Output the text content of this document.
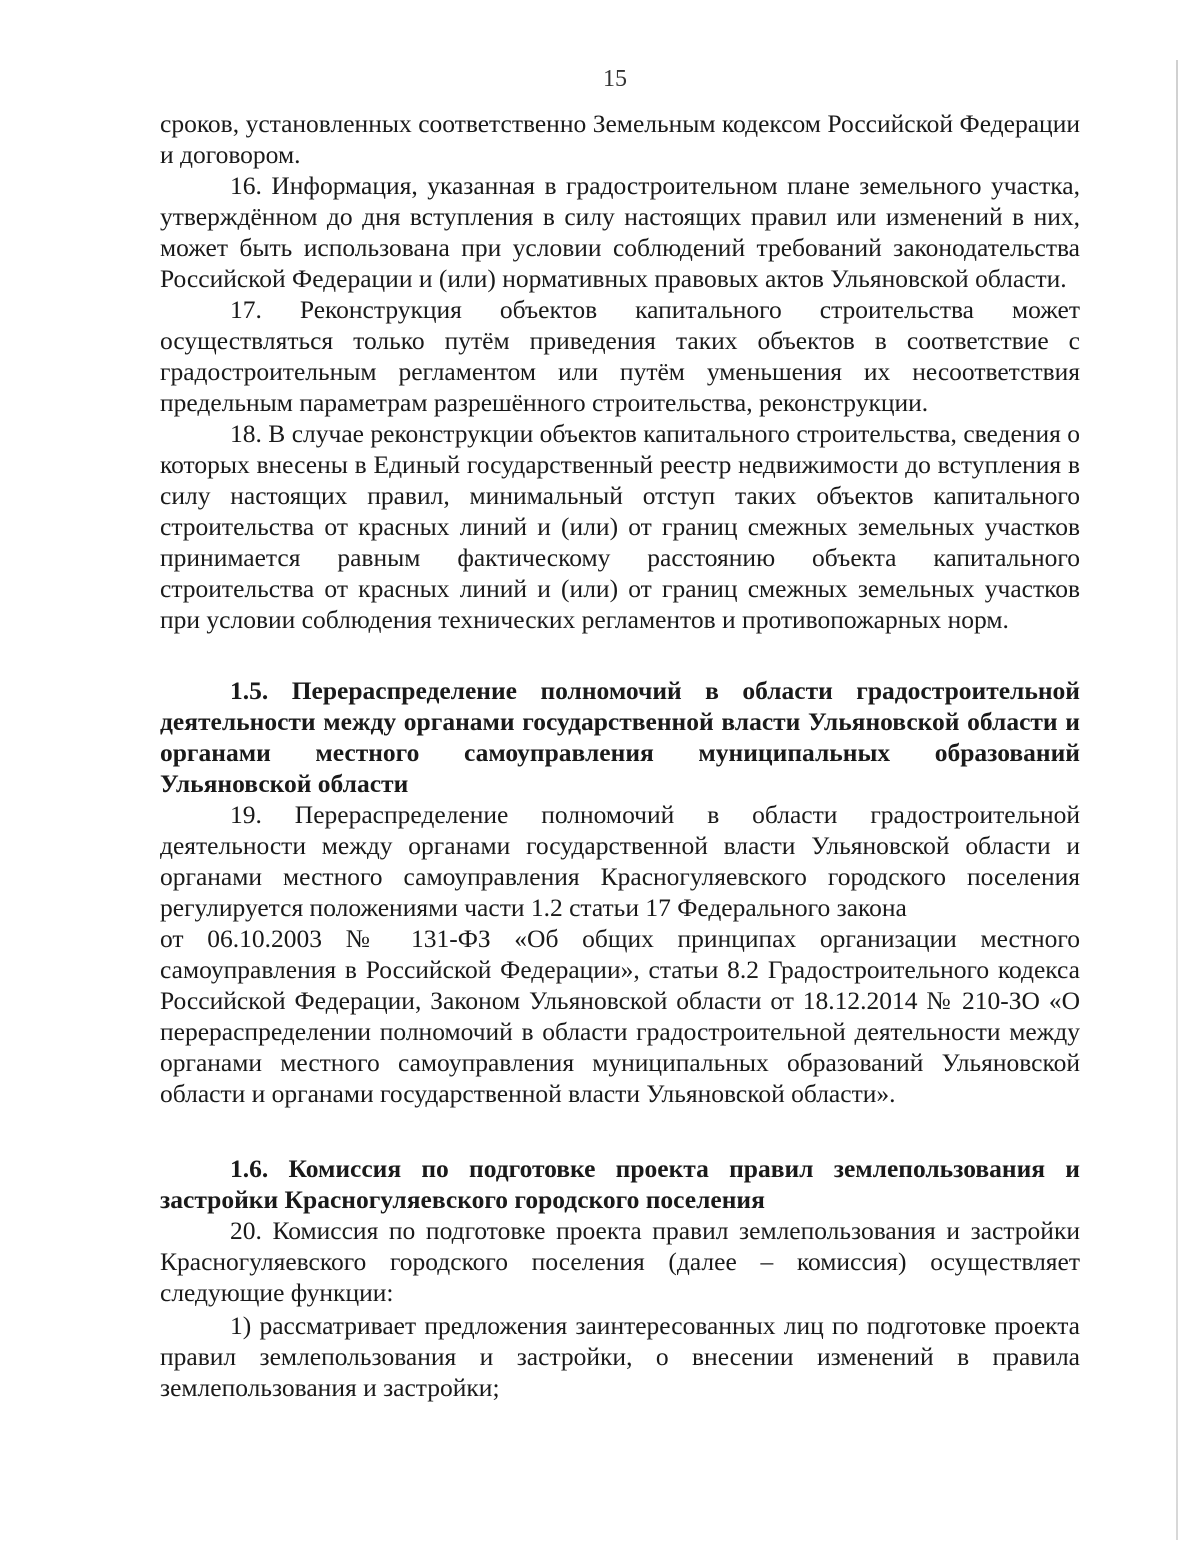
15

сроков, установленных соответственно Земельным кодексом Российской Федерации и договором.

16. Информация, указанная в градостроительном плане земельного участка, утверждённом до дня вступления в силу настоящих правил или изменений в них, может быть использована при условии соблюдений требований законодательства Российской Федерации и (или) нормативных правовых актов Ульяновской области.

17. Реконструкция объектов капитального строительства может осуществляться только путём приведения таких объектов в соответствие с градостроительным регламентом или путём уменьшения их несоответствия предельным параметрам разрешённого строительства, реконструкции.

18. В случае реконструкции объектов капитального строительства, сведения о которых внесены в Единый государственный реестр недвижимости до вступления в силу настоящих правил, минимальный отступ таких объектов капитального строительства от красных линий и (или) от границ смежных земельных участков принимается равным фактическому расстоянию объекта капитального строительства от красных линий и (или) от границ смежных земельных участков при условии соблюдения технических регламентов и противопожарных норм.

1.5. Перераспределение полномочий в области градостроительной деятельности между органами государственной власти Ульяновской области и органами местного самоуправления муниципальных образований Ульяновской области

19. Перераспределение полномочий в области градостроительной деятельности между органами государственной власти Ульяновской области и органами местного самоуправления Красногуляевского городского поселения регулируется положениями части 1.2 статьи 17 Федерального закона

от 06.10.2003 № 131-ФЗ «Об общих принципах организации местного самоуправления в Российской Федерации», статьи 8.2 Градостроительного кодекса Российской Федерации, Законом Ульяновской области от 18.12.2014 № 210-ЗО «О перераспределении полномочий в области градостроительной деятельности между органами местного самоуправления муниципальных образований Ульяновской области и органами государственной власти Ульяновской области».

1.6. Комиссия по подготовке проекта правил землепользования и застройки Красногуляевского городского поселения

20. Комиссия по подготовке проекта правил землепользования и застройки Красногуляевского городского поселения (далее – комиссия) осуществляет следующие функции:

1) рассматривает предложения заинтересованных лиц по подготовке проекта правил землепользования и застройки, о внесении изменений в правила землепользования и застройки;
